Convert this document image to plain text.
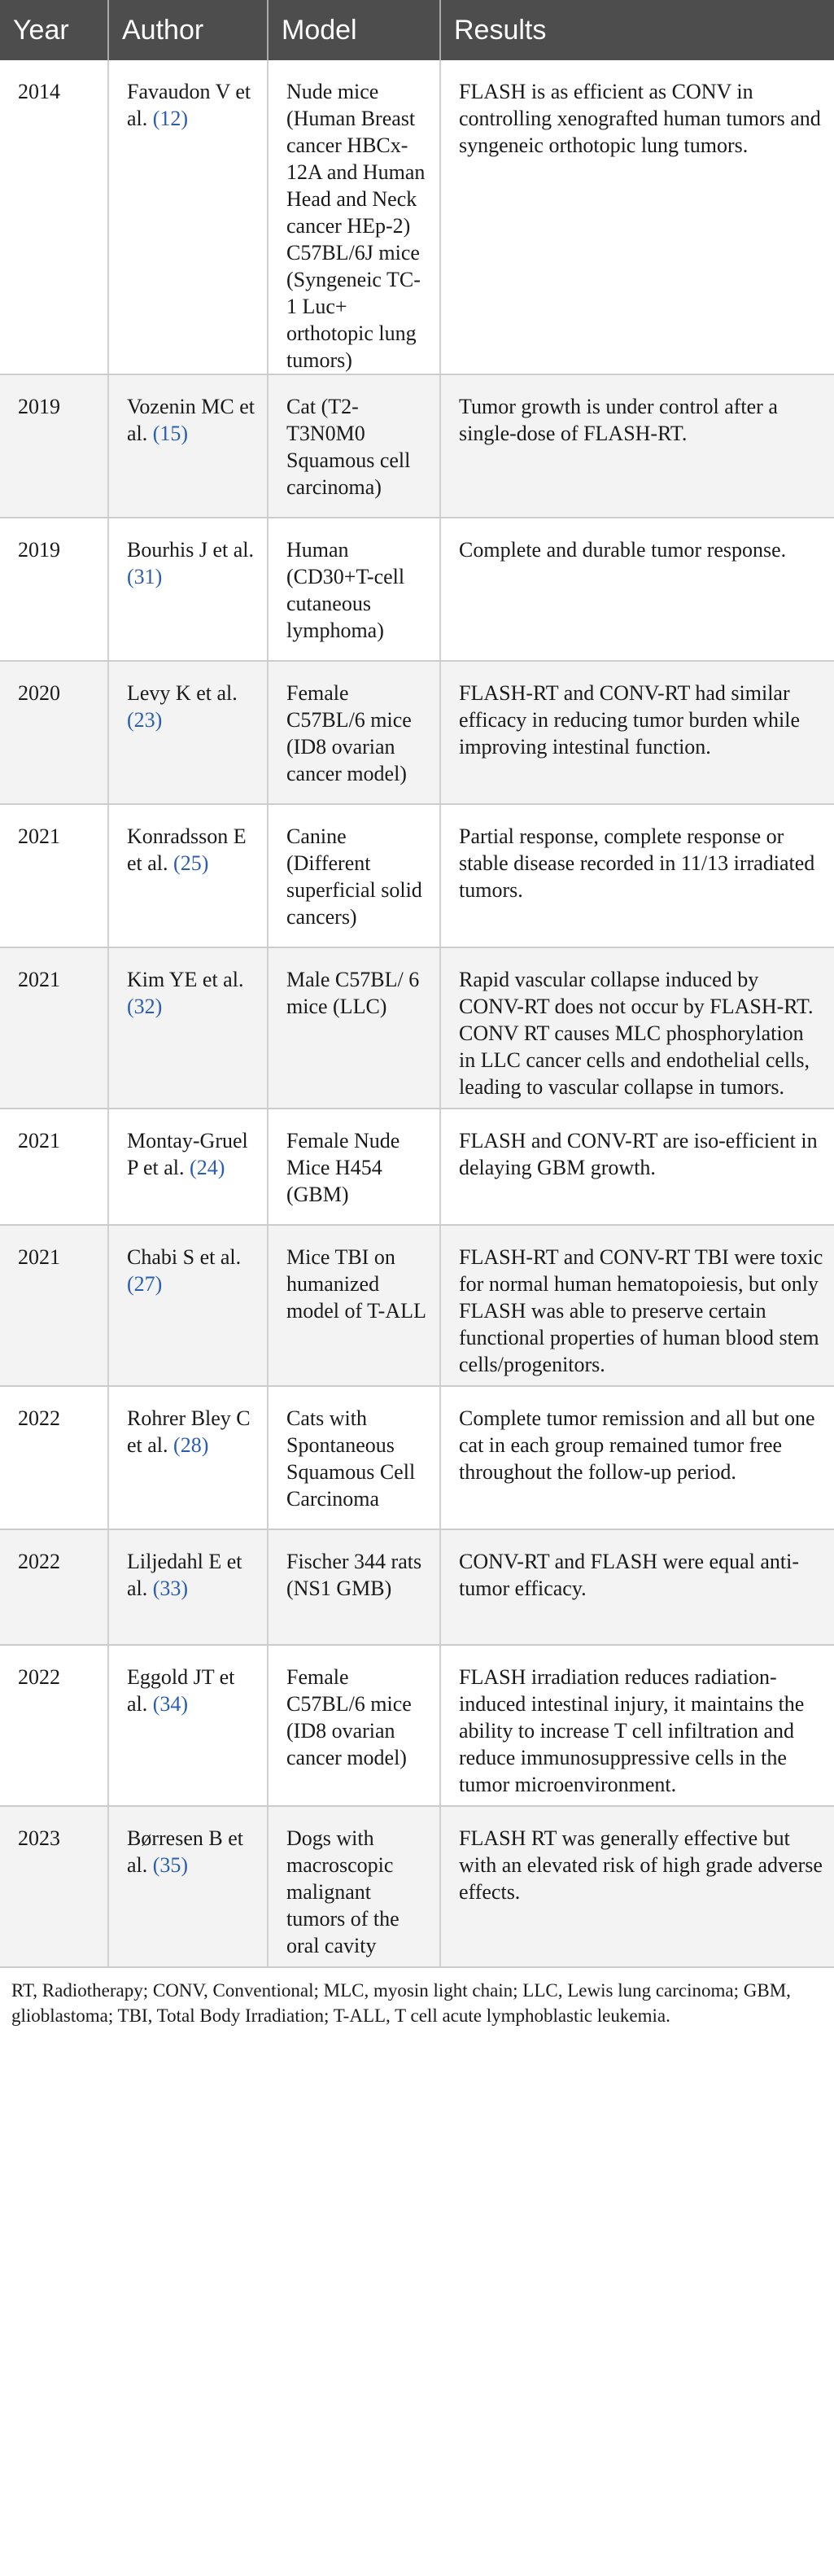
Year	Author	Model	Results
2014	Favaudon V et al. (12)	Nude mice (Human Breast cancer HBCx-12A and Human Head and Neck cancer HEp-2) C57BL/6J mice (Syngeneic TC-1 Luc+ orthotopic lung tumors)	FLASH is as efficient as CONV in controlling xenografted human tumors and syngeneic orthotopic lung tumors.
2019	Vozenin MC et al. (15)	Cat (T2-T3N0M0 Squamous cell carcinoma)	Tumor growth is under control after a single-dose of FLASH-RT.
2019	Bourhis J et al. (31)	Human (CD30+T-cell cutaneous lymphoma)	Complete and durable tumor response.
2020	Levy K et al. (23)	Female C57BL/6 mice (ID8 ovarian cancer model)	FLASH-RT and CONV-RT had similar efficacy in reducing tumor burden while improving intestinal function.
2021	Konradsson E et al. (25)	Canine (Different superficial solid cancers)	Partial response, complete response or stable disease recorded in 11/13 irradiated tumors.
2021	Kim YE et al. (32)	Male C57BL/ 6 mice (LLC)	Rapid vascular collapse induced by CONV-RT does not occur by FLASH-RT. CONV RT causes MLC phosphorylation in LLC cancer cells and endothelial cells, leading to vascular collapse in tumors.
2021	Montay-Gruel P et al. (24)	Female Nude Mice H454 (GBM)	FLASH and CONV-RT are iso-efficient in delaying GBM growth.
2021	Chabi S et al. (27)	Mice TBI on humanized model of T-ALL	FLASH-RT and CONV-RT TBI were toxic for normal human hematopoiesis, but only FLASH was able to preserve certain functional properties of human blood stem cells/progenitors.
2022	Rohrer Bley C et al. (28)	Cats with Spontaneous Squamous Cell Carcinoma	Complete tumor remission and all but one cat in each group remained tumor free throughout the follow-up period.
2022	Liljedahl E et al. (33)	Fischer 344 rats (NS1 GMB)	CONV-RT and FLASH were equal anti-tumor efficacy.
2022	Eggold JT et al. (34)	Female C57BL/6 mice (ID8 ovarian cancer model)	FLASH irradiation reduces radiation-induced intestinal injury, it maintains the ability to increase T cell infiltration and reduce immunosuppressive cells in the tumor microenvironment.
2023	Børresen B et al. (35)	Dogs with macroscopic malignant tumors of the oral cavity	FLASH RT was generally effective but with an elevated risk of high grade adverse effects.
RT, Radiotherapy; CONV, Conventional; MLC, myosin light chain; LLC, Lewis lung carcinoma; GBM, glioblastoma; TBI, Total Body Irradiation; T-ALL, T cell acute lymphoblastic leukemia.
